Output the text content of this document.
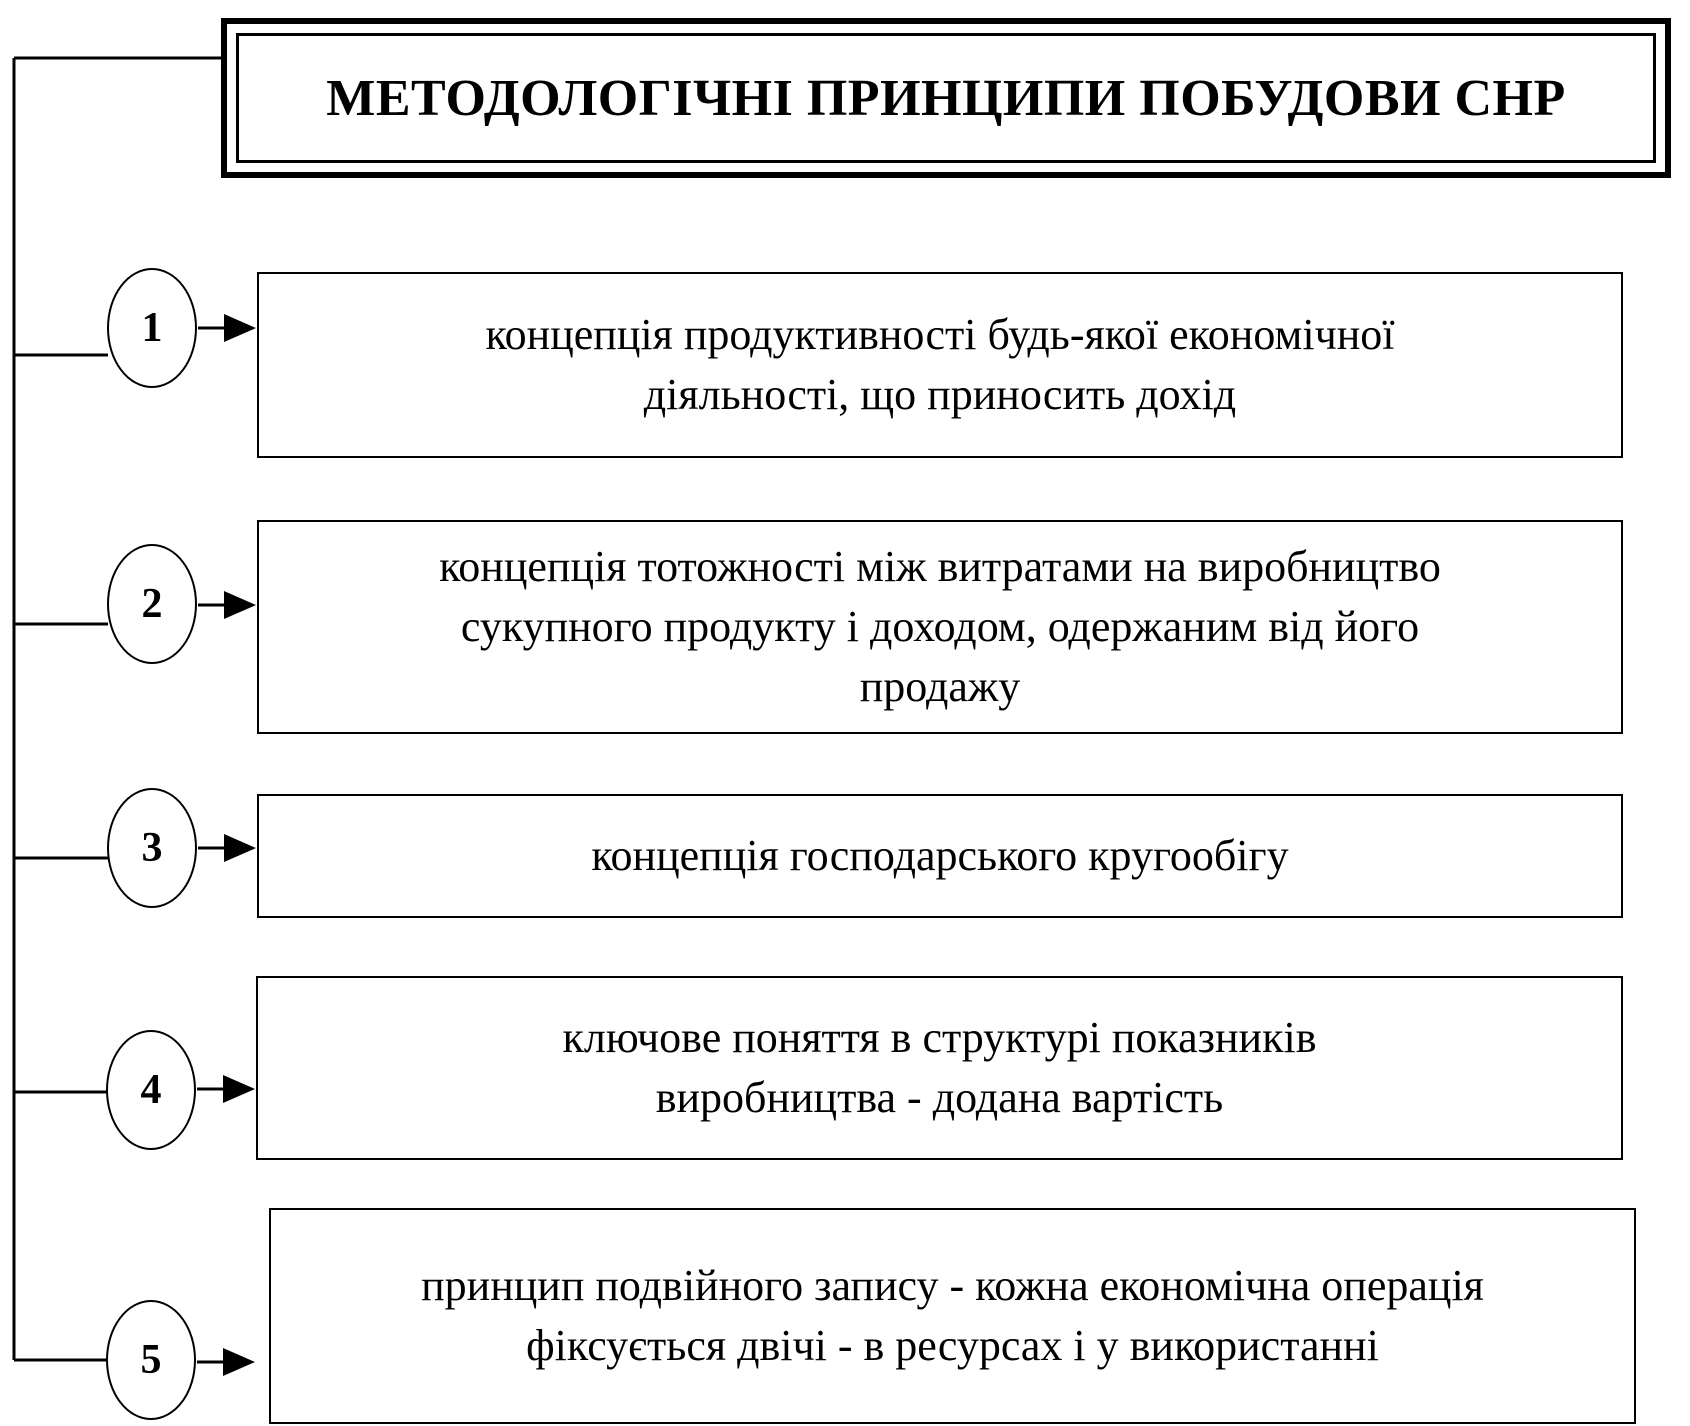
МЕТОДОЛОГІЧНІ ПРИНЦИПИ ПОБУДОВИ СНР
1	концепція продуктивності будь-якої економічної
діяльності, що приносить дохід
2
концепція тотожності між витратами на виробництво
сукупного продукту і доходом, одержаним від його
продажу
3	концепція господарського кругообігу
4
ключове поняття в структурі показників
виробництва - додана вартість
5
принцип подвійного запису - кожна економічна операція
фіксується двічі - в ресурсах і у використанні
